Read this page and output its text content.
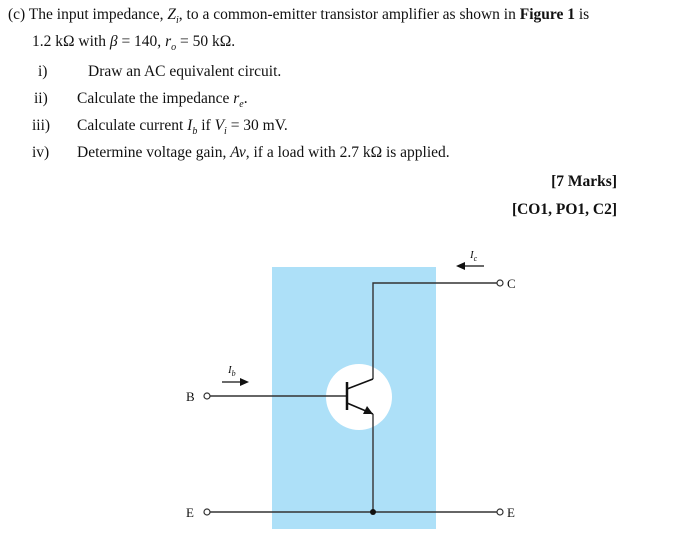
(c) The input impedance, $Z_i$, to a common-emitter transistor amplifier as shown in Figure 1 is
1.2 kΩ with β = 140, $r_o = 50$ kΩ.
i)	Draw an AC equivalent circuit.
ii) Calculate the impedance $r_e$.
iii) Calculate current $I_b$ if $V_i = 30$ mV.
iv) Determine voltage gain, Av, if a load with 2.7 kΩ is applied.
[7 Marks]
[CO1, PO1, C2]
B
C
E	E
$I_c$
$I_b$
